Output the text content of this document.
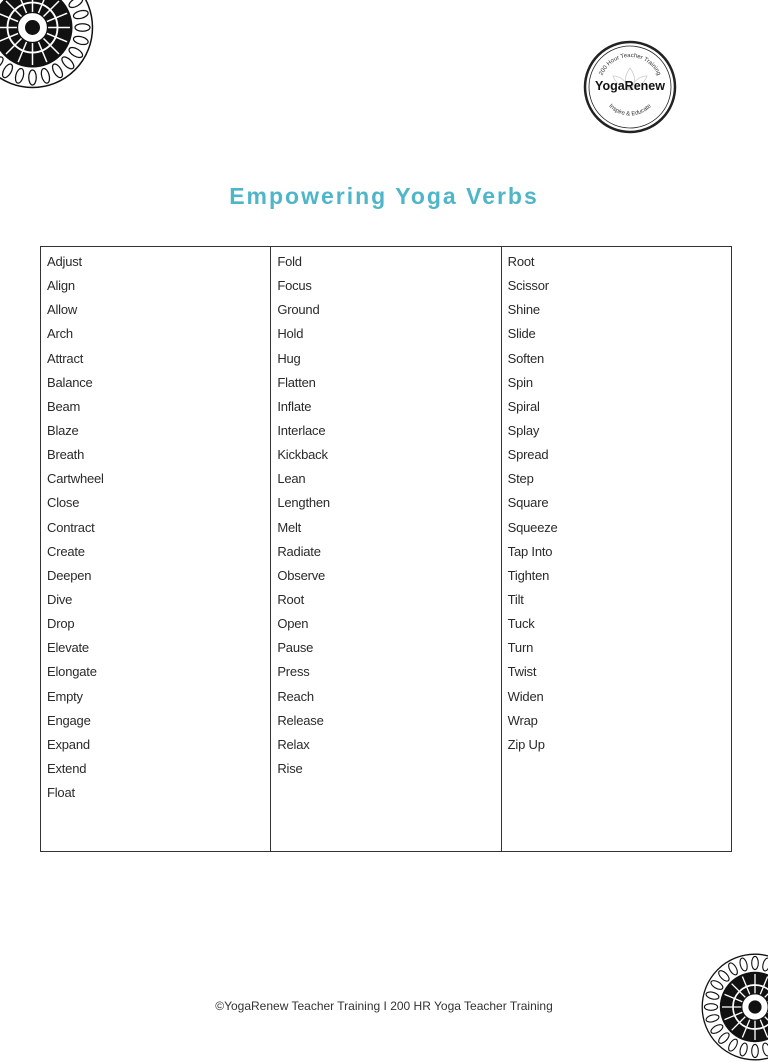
200 Hour Teacher Training
Inspire & Educate
YogaRenew
Empowering Yoga Verbs
Adjust
Align
Allow
Arch
Attract
Balance
Beam
Blaze
Breath
Cartwheel
Close
Contract
Create
Deepen
Dive
Drop
Elevate
Elongate
Empty
Engage
Expand
Extend
Float
Fold
Focus
Ground
Hold
Hug
Flatten
Inflate
Interlace
Kickback
Lean
Lengthen
Melt
Radiate
Observe
Root
Open
Pause
Press
Reach
Release
Relax
Rise
Root
Scissor
Shine
Slide
Soften
Spin
Spiral
Splay
Spread
Step
Square
Squeeze
Tap Into
Tighten
Tilt
Tuck
Turn
Twist
Widen
Wrap
Zip Up
©YogaRenew Teacher Training I 200 HR Yoga Teacher Training
